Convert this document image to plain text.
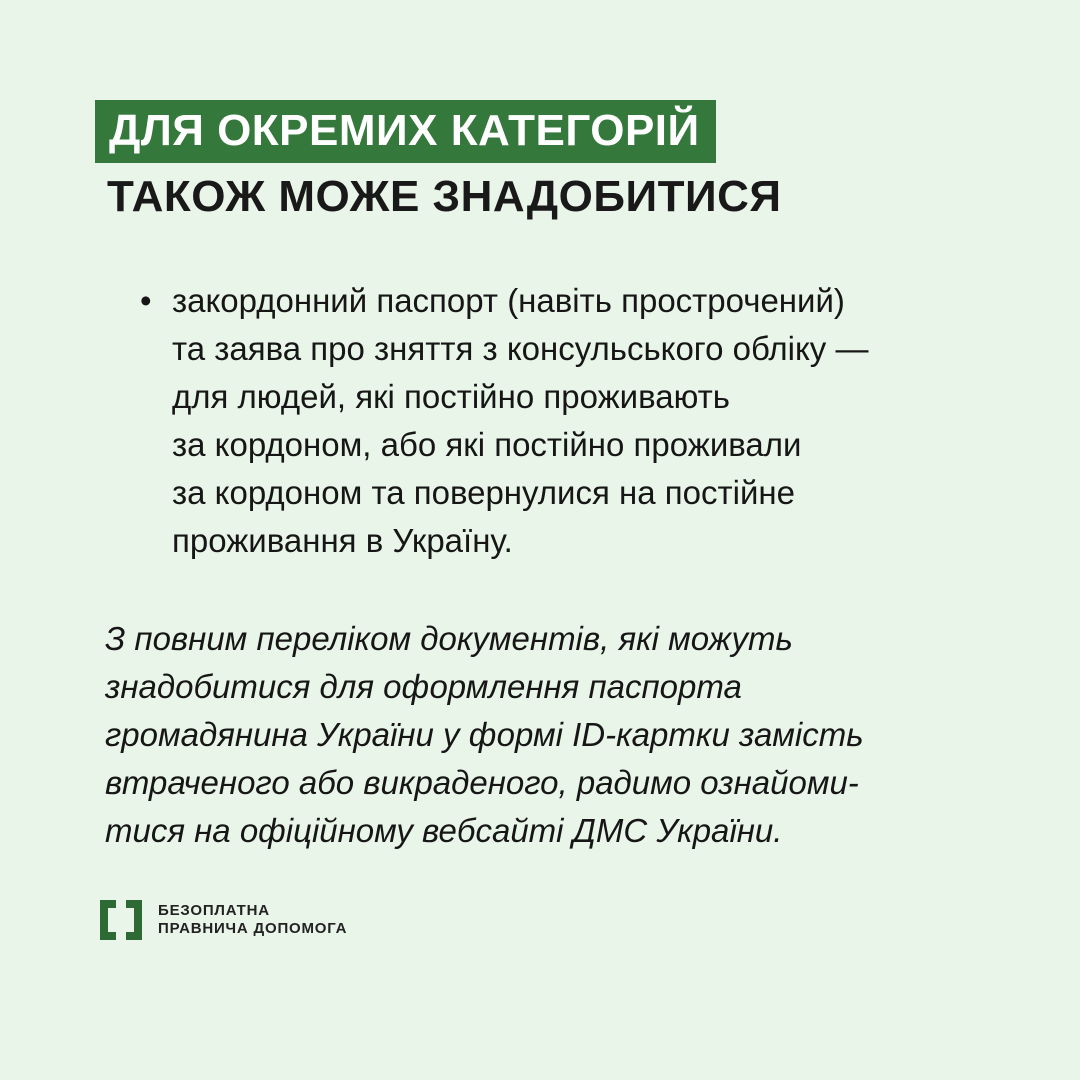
ДЛЯ ОКРЕМИХ КАТЕГОРІЙ
ТАКОЖ МОЖЕ ЗНАДОБИТИСЯ
• закордонний паспорт (навіть прострочений)
та заява про зняття з консульського обліку —
для людей, які постійно проживають
за кордоном, або які постійно проживали
за кордоном та повернулися на постійне
проживання в Україну.
З повним переліком документів, які можуть
знадобитися для оформлення паспорта
громадянина України у формі ID-картки замість
втраченого або викраденого, радимо ознайоми-
тися на офіційному вебсайті ДМС України.
БЕЗОПЛАТНА
ПРАВНИЧА ДОПОМОГА
